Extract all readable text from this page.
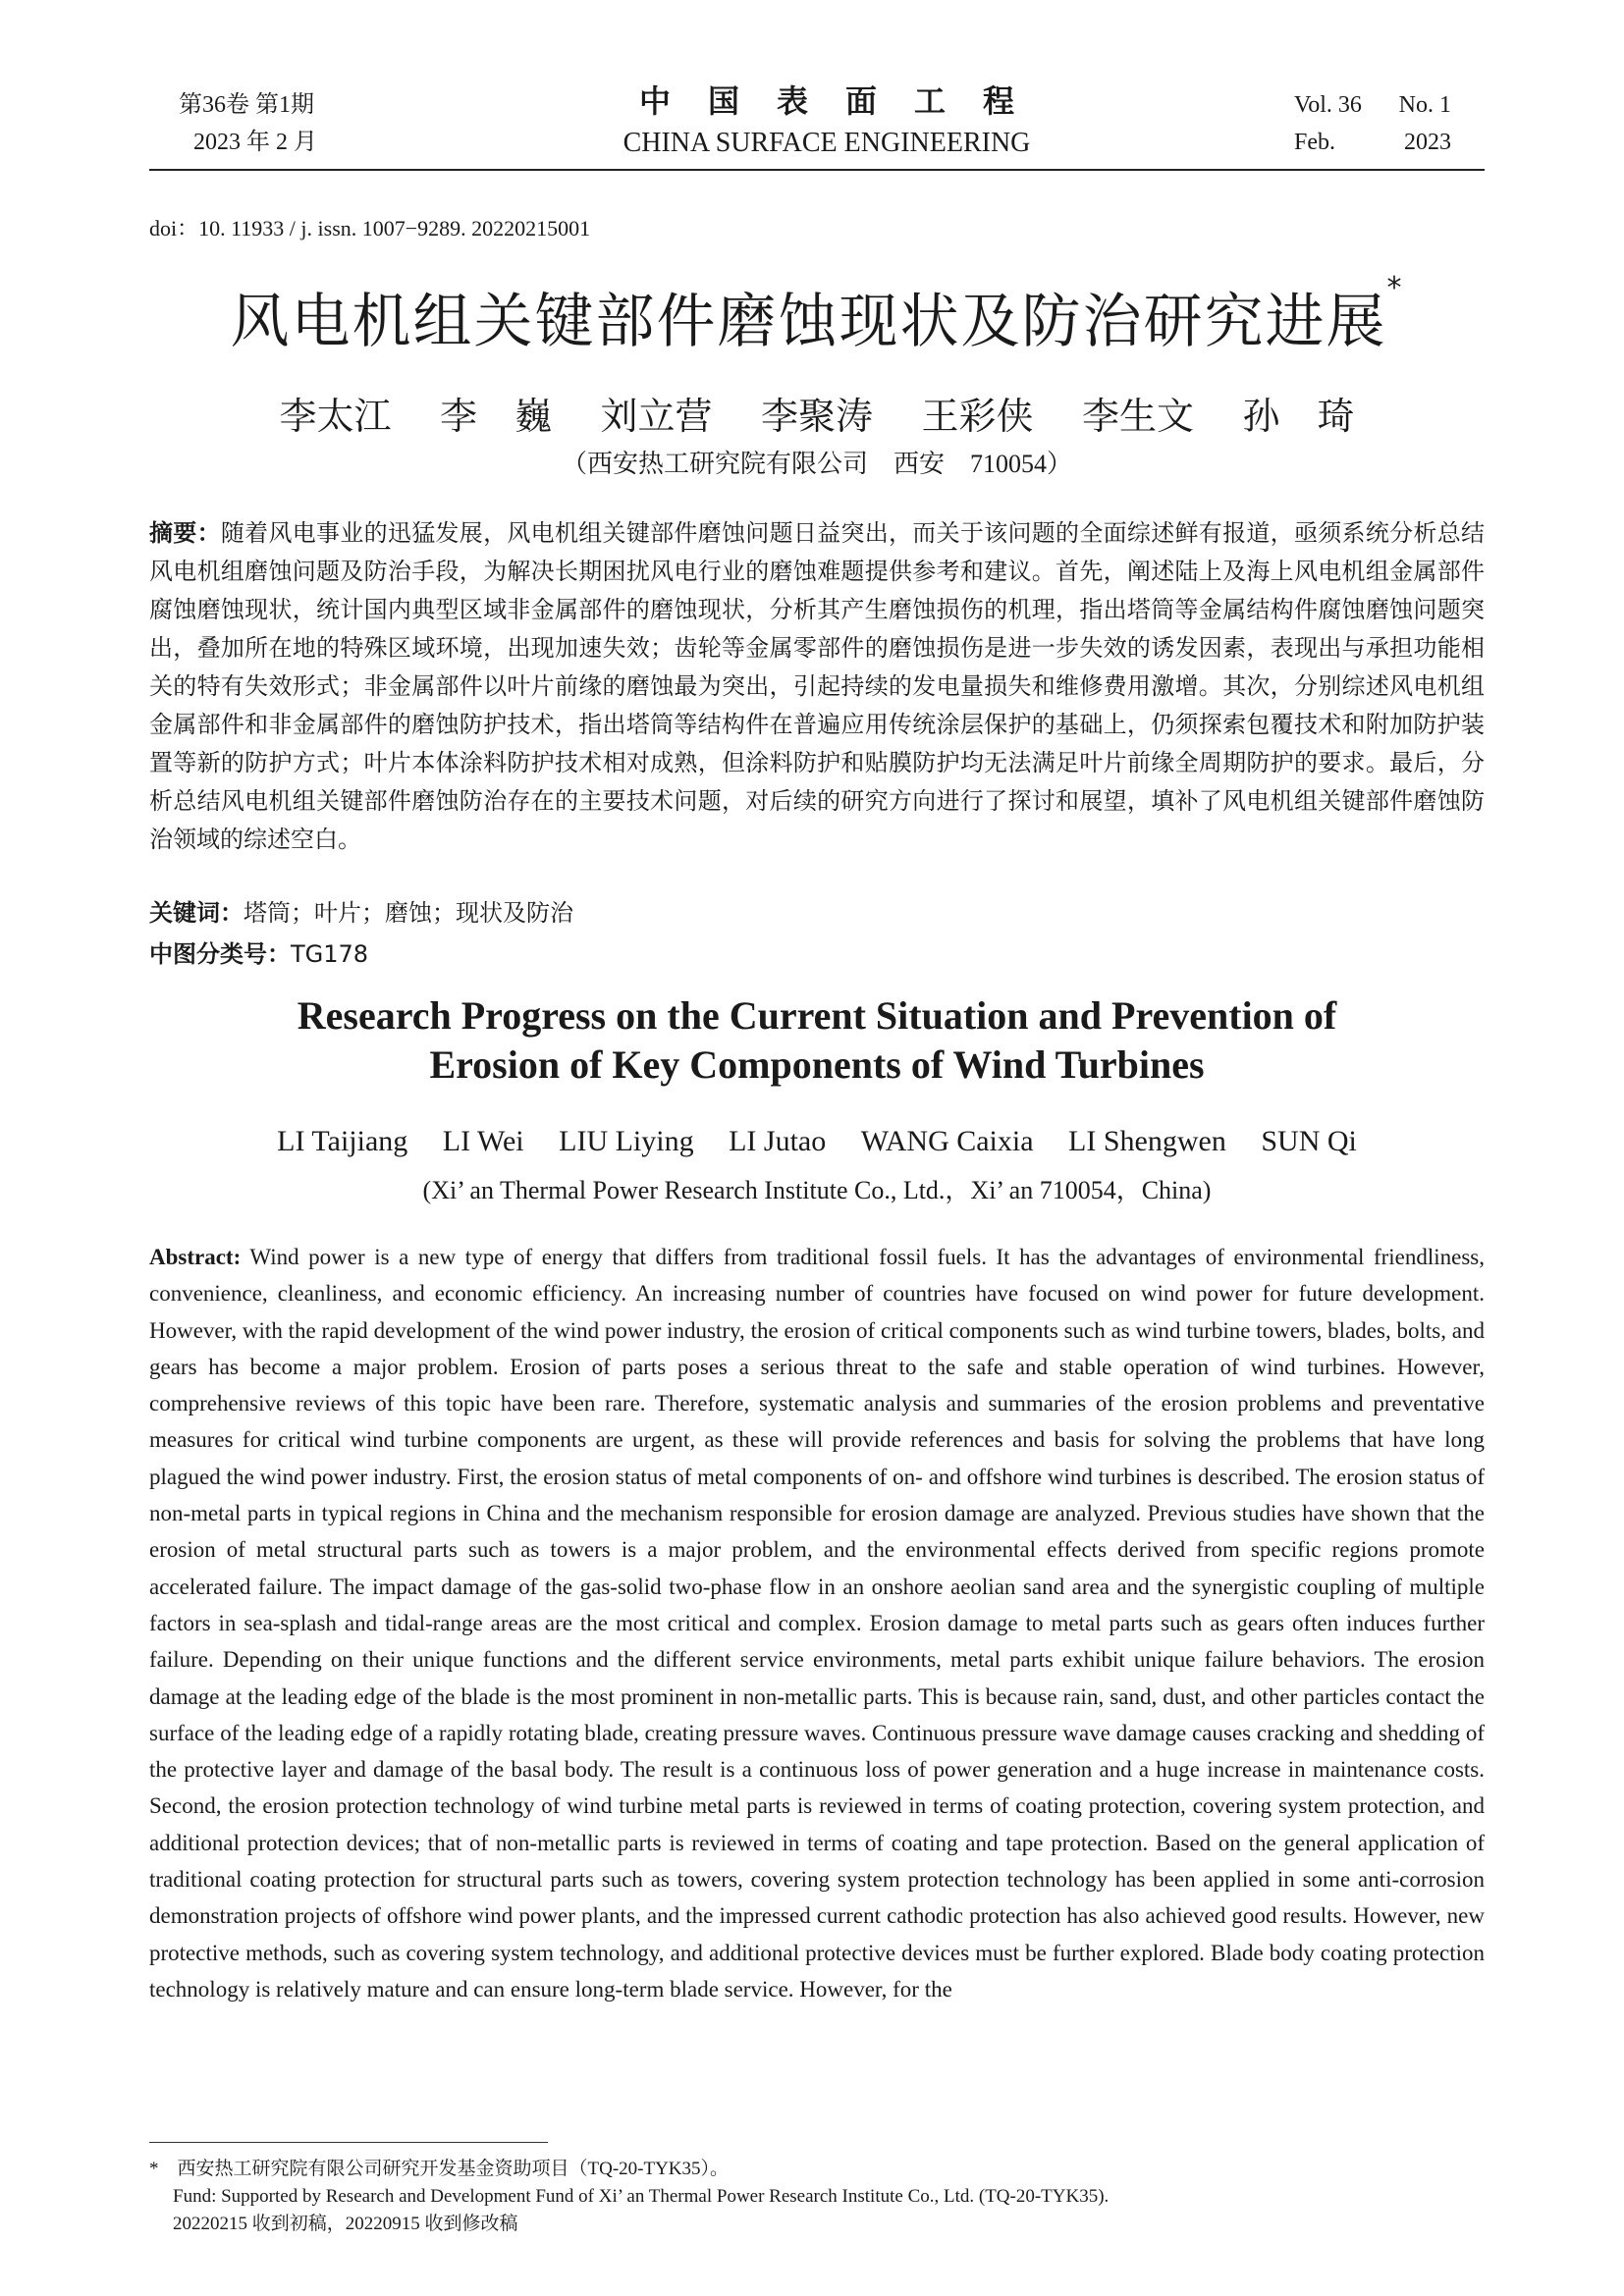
第36卷 第1期
2023 年 2 月
中国表面工程
CHINA SURFACE ENGINEERING
Vol. 36 No. 1
Feb.	2023
doi：10. 11933 / j. issn. 1007−9289. 20220215001
风电机组关键部件磨蚀现状及防治研究进展*
李太江 李　巍 刘立营 李聚涛 王彩侠 李生文 孙　琦
（西安热工研究院有限公司　西安　710054）
摘要：随着风电事业的迅猛发展，风电机组关键部件磨蚀问题日益突出，而关于该问题的全面综述鲜有报道，亟须系统分析总结风电机组磨蚀问题及防治手段，为解决长期困扰风电行业的磨蚀难题提供参考和建议。首先，阐述陆上及海上风电机组金属部件腐蚀磨蚀现状，统计国内典型区域非金属部件的磨蚀现状，分析其产生磨蚀损伤的机理，指出塔筒等金属结构件腐蚀磨蚀问题突出，叠加所在地的特殊区域环境，出现加速失效；齿轮等金属零部件的磨蚀损伤是进一步失效的诱发因素，表现出与承担功能相关的特有失效形式；非金属部件以叶片前缘的磨蚀最为突出，引起持续的发电量损失和维修费用激增。其次，分别综述风电机组金属部件和非金属部件的磨蚀防护技术，指出塔筒等结构件在普遍应用传统涂层保护的基础上，仍须探索包覆技术和附加防护装置等新的防护方式；叶片本体涂料防护技术相对成熟，但涂料防护和贴膜防护均无法满足叶片前缘全周期防护的要求。最后，分析总结风电机组关键部件磨蚀防治存在的主要技术问题，对后续的研究方向进行了探讨和展望，填补了风电机组关键部件磨蚀防治领域的综述空白。
关键词：塔筒；叶片；磨蚀；现状及防治
中图分类号：TG178
Research Progress on the Current Situation and Prevention of
Erosion of Key Components of Wind Turbines
LI Taijiang LI Wei LIU Liying LI Jutao WANG Caixia LI Shengwen SUN Qi
(Xi’ an Thermal Power Research Institute Co., Ltd.，Xi’ an 710054，China)
Abstract: Wind power is a new type of energy that differs from traditional fossil fuels. It has the advantages of environmental friendliness, convenience, cleanliness, and economic efficiency. An increasing number of countries have focused on wind power for future development. However, with the rapid development of the wind power industry, the erosion of critical components such as wind turbine towers, blades, bolts, and gears has become a major problem. Erosion of parts poses a serious threat to the safe and stable operation of wind turbines. However, comprehensive reviews of this topic have been rare. Therefore, systematic analysis and summaries of the erosion problems and preventative measures for critical wind turbine components are urgent, as these will provide references and basis for solving the problems that have long plagued the wind power industry. First, the erosion status of metal components of on- and offshore wind turbines is described. The erosion status of non-metal parts in typical regions in China and the mechanism responsible for erosion damage are analyzed. Previous studies have shown that the erosion of metal structural parts such as towers is a major problem, and the environmental effects derived from specific regions promote accelerated failure. The impact damage of the gas-solid two-phase flow in an onshore aeolian sand area and the synergistic coupling of multiple factors in sea-splash and tidal-range areas are the most critical and complex. Erosion damage to metal parts such as gears often induces further failure. Depending on their unique functions and the different service environments, metal parts exhibit unique failure behaviors. The erosion damage at the leading edge of the blade is the most prominent in non-metallic parts. This is because rain, sand, dust, and other particles contact the surface of the leading edge of a rapidly rotating blade, creating pressure waves. Continuous pressure wave damage causes cracking and shedding of the protective layer and damage of the basal body. The result is a continuous loss of power generation and a huge increase in maintenance costs. Second, the erosion protection technology of wind turbine metal parts is reviewed in terms of coating protection, covering system protection, and additional protection devices; that of non-metallic parts is reviewed in terms of coating and tape protection. Based on the general application of traditional coating protection for structural parts such as towers, covering system protection technology has been applied in some anti-corrosion demonstration projects of offshore wind power plants, and the impressed current cathodic protection has also achieved good results. However, new protective methods, such as covering system technology, and additional protective devices must be further explored. Blade body coating protection technology is relatively mature and can ensure long-term blade service. However, for the
*　西安热工研究院有限公司研究开发基金资助项目（TQ-20-TYK35）。
Fund: Supported by Research and Development Fund of Xi’ an Thermal Power Research Institute Co., Ltd. (TQ-20-TYK35).
20220215 收到初稿，20220915 收到修改稿
